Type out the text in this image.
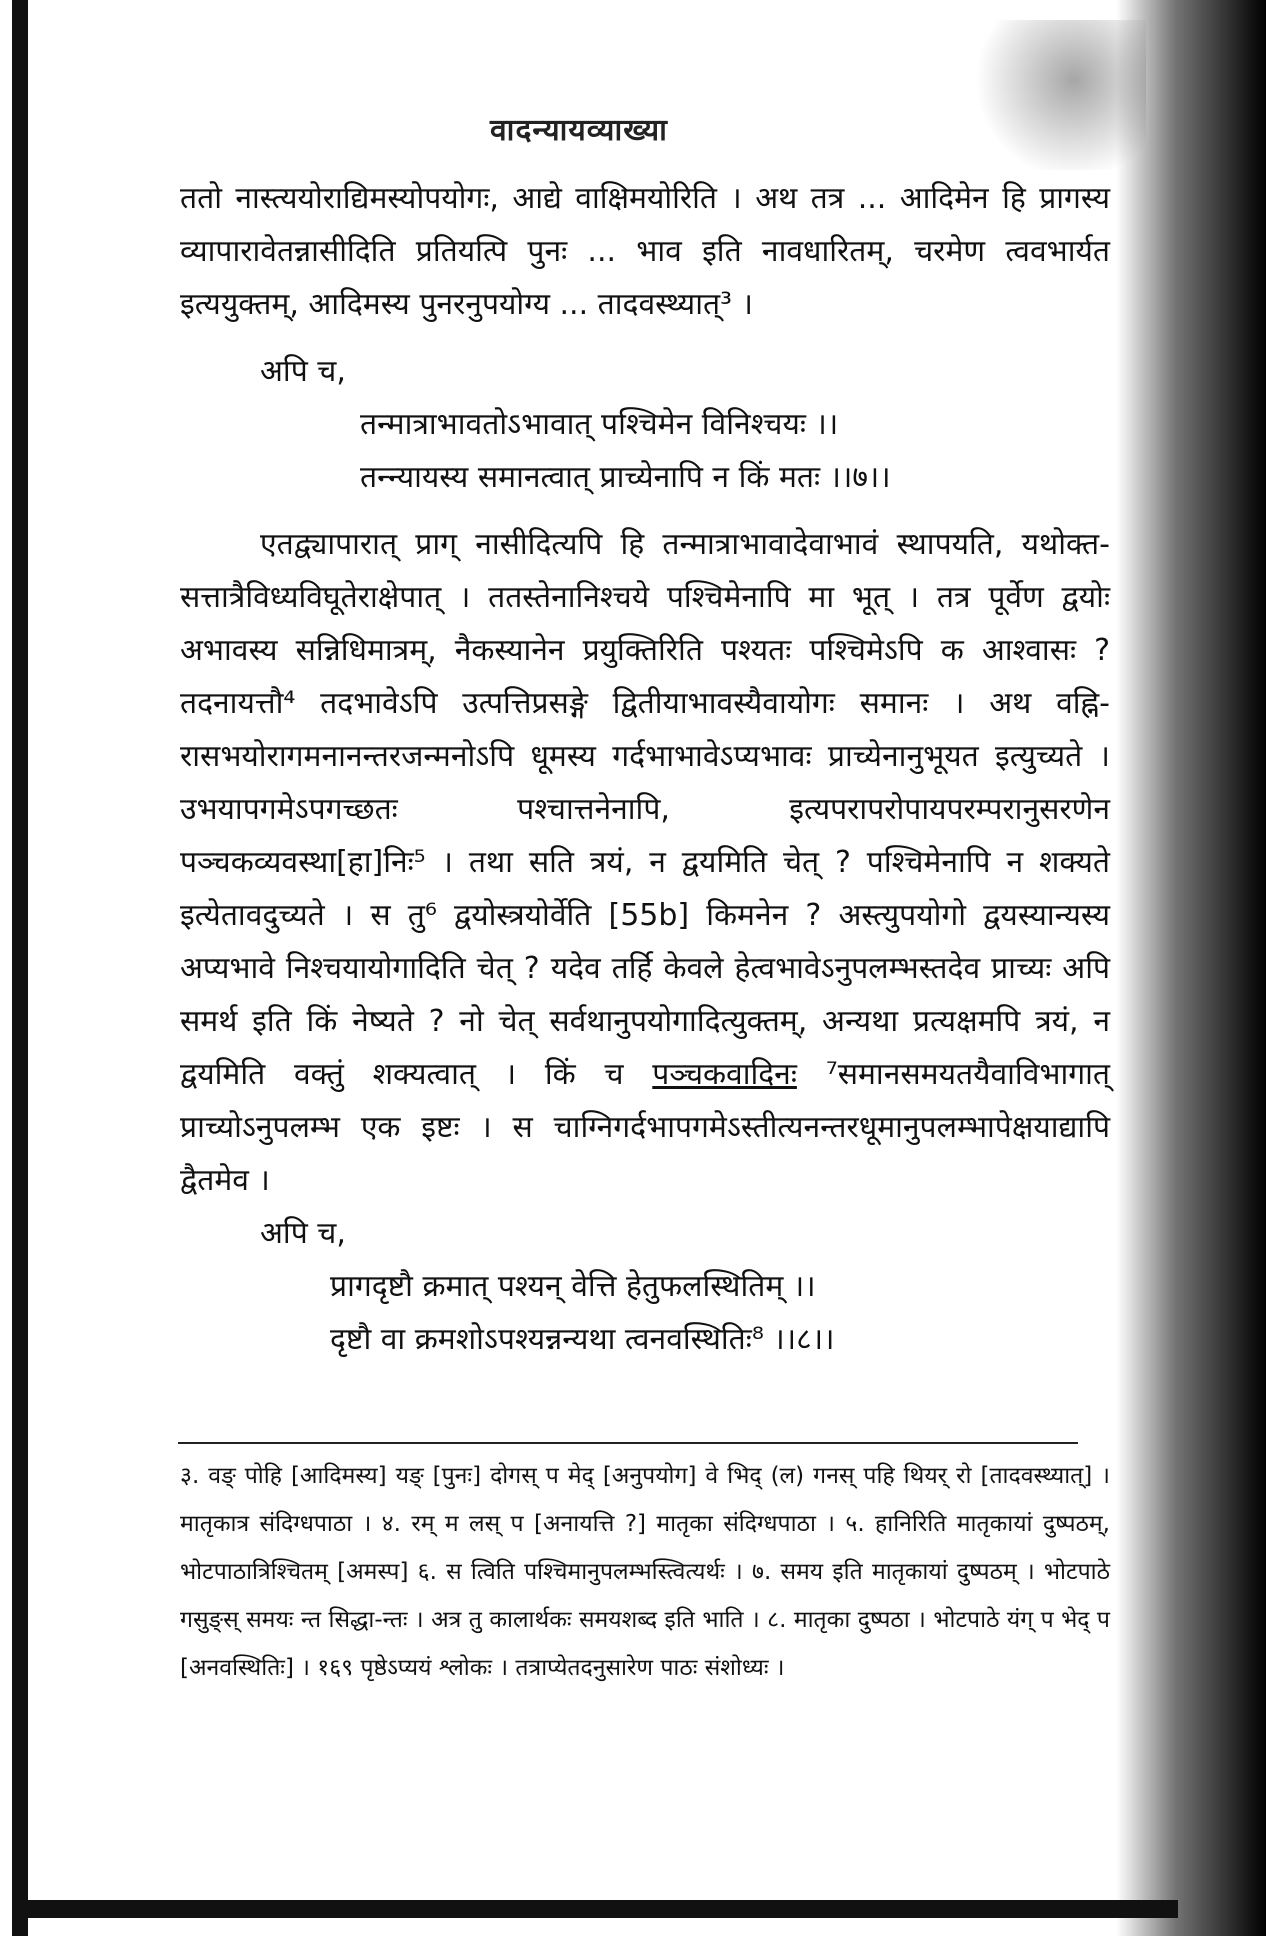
वादन्यायव्याख्या

ततो नास्त्ययोराद्यिमस्योपयोगः, आद्ये वाक्षिमयोरिति । अथ तत्र ... आदिमेन हि प्रागस्य व्यापारावेतन्नासीदिति प्रतियत्पि पुनः ... भाव इति नावधारितम्, चरमेण त्ववभार्यत इत्ययुक्तम्, आदिमस्य पुनरनुपयोग्य ... तादवस्थ्यात्³ ।

अपि च,

तन्मात्राभावतोऽभावात् पश्चिमेन विनिश्चयः ।।
तन्न्यायस्य समानत्वात् प्राच्येनापि न किं मतः ।।७।।

एतद्व्यापारात् प्राग् नासीदित्यपि हि तन्मात्राभावादेवाभावं स्थापयति, यथोक्त-सत्तात्रैविध्यविघूतेराक्षेपात् । ततस्तेनानिश्चये पश्चिमेनापि मा भूत् । तत्र पूर्वेण द्वयोः अभावस्य सन्निधिमात्रम्, नैकस्यानेन प्रयुक्तिरिति पश्यतः पश्चिमेऽपि क आश्वासः ? तदनायत्तौ⁴ तदभावेऽपि उत्पत्तिप्रसङ्गे द्वितीयाभावस्यैवायोगः समानः । अथ वह्नि-रासभयोरागमनानन्तरजन्मनोऽपि धूमस्य गर्दभाभावेऽप्यभावः प्राच्येनानुभूयत इत्युच्यते । उभयापगमेऽपगच्छतः पश्चात्तनेनापि, इत्यपरापरोपायपरम्परानुसरणेन पञ्चकव्यवस्था[हा]निः⁵ । तथा सति त्रयं, न द्वयमिति चेत् ? पश्चिमेनापि न शक्यते इत्येतावदुच्यते । स तु⁶ द्वयोस्त्रयोर्वेति [55b] किमनेन ? अस्त्युपयोगो द्वयस्यान्यस्य अप्यभावे निश्चयायोगादिति चेत् ? यदेव तर्हि केवले हेत्वभावेऽनुपलम्भस्तदेव प्राच्यः अपि समर्थ इति किं नेष्यते ? नो चेत् सर्वथानुपयोगादित्युक्तम्, अन्यथा प्रत्यक्षमपि त्रयं, न द्वयमिति वक्तुं शक्यत्वात् । किं च पञ्चकवादिनः ⁷समानसमयतयैवाविभागात् प्राच्योऽनुपलम्भ एक इष्टः । स चाग्निगर्दभापगमेऽस्तीत्यनन्तरधूमानुपलम्भापेक्षयाद्यापि द्वैतमेव ।

अपि च,

प्रागदृष्टौ क्रमात् पश्यन् वेत्ति हेतुफलस्थितिम् ।।
दृष्टौ वा क्रमशोऽपश्यन्नन्यथा त्वनवस्थितिः⁸ ।।८।।

३. वङ् पोहि [आदिमस्य] यङ् [पुनः] दोगस् प मेद् [अनुपयोग] वे भिद् (ल) गनस् पहि थियर् रो [तादवस्थ्यात्] । मातृकात्र संदिग्धपाठा । ४. रम् म लस् प [अनायत्ति ?] मातृका संदिग्धपाठा । ५. हानिरिति मातृकायां दुष्पठम्, भोटपाठात्रिश्चितम् [अमस्प] ६. स त्विति पश्चिमानुपलम्भस्त्वित्यर्थः । ७. समय इति मातृकायां दुष्पठम् । भोटपाठे गसुङ्स् समयः न्त सिद्धा-न्तः । अत्र तु कालार्थकः समयशब्द इति भाति । ८. मातृका दुष्पठा । भोटपाठे यंग् प भेद् प [अनवस्थितिः] । १६९ पृष्ठेऽप्ययं श्लोकः । तत्राप्येतदनुसारेण पाठः संशोध्यः ।
